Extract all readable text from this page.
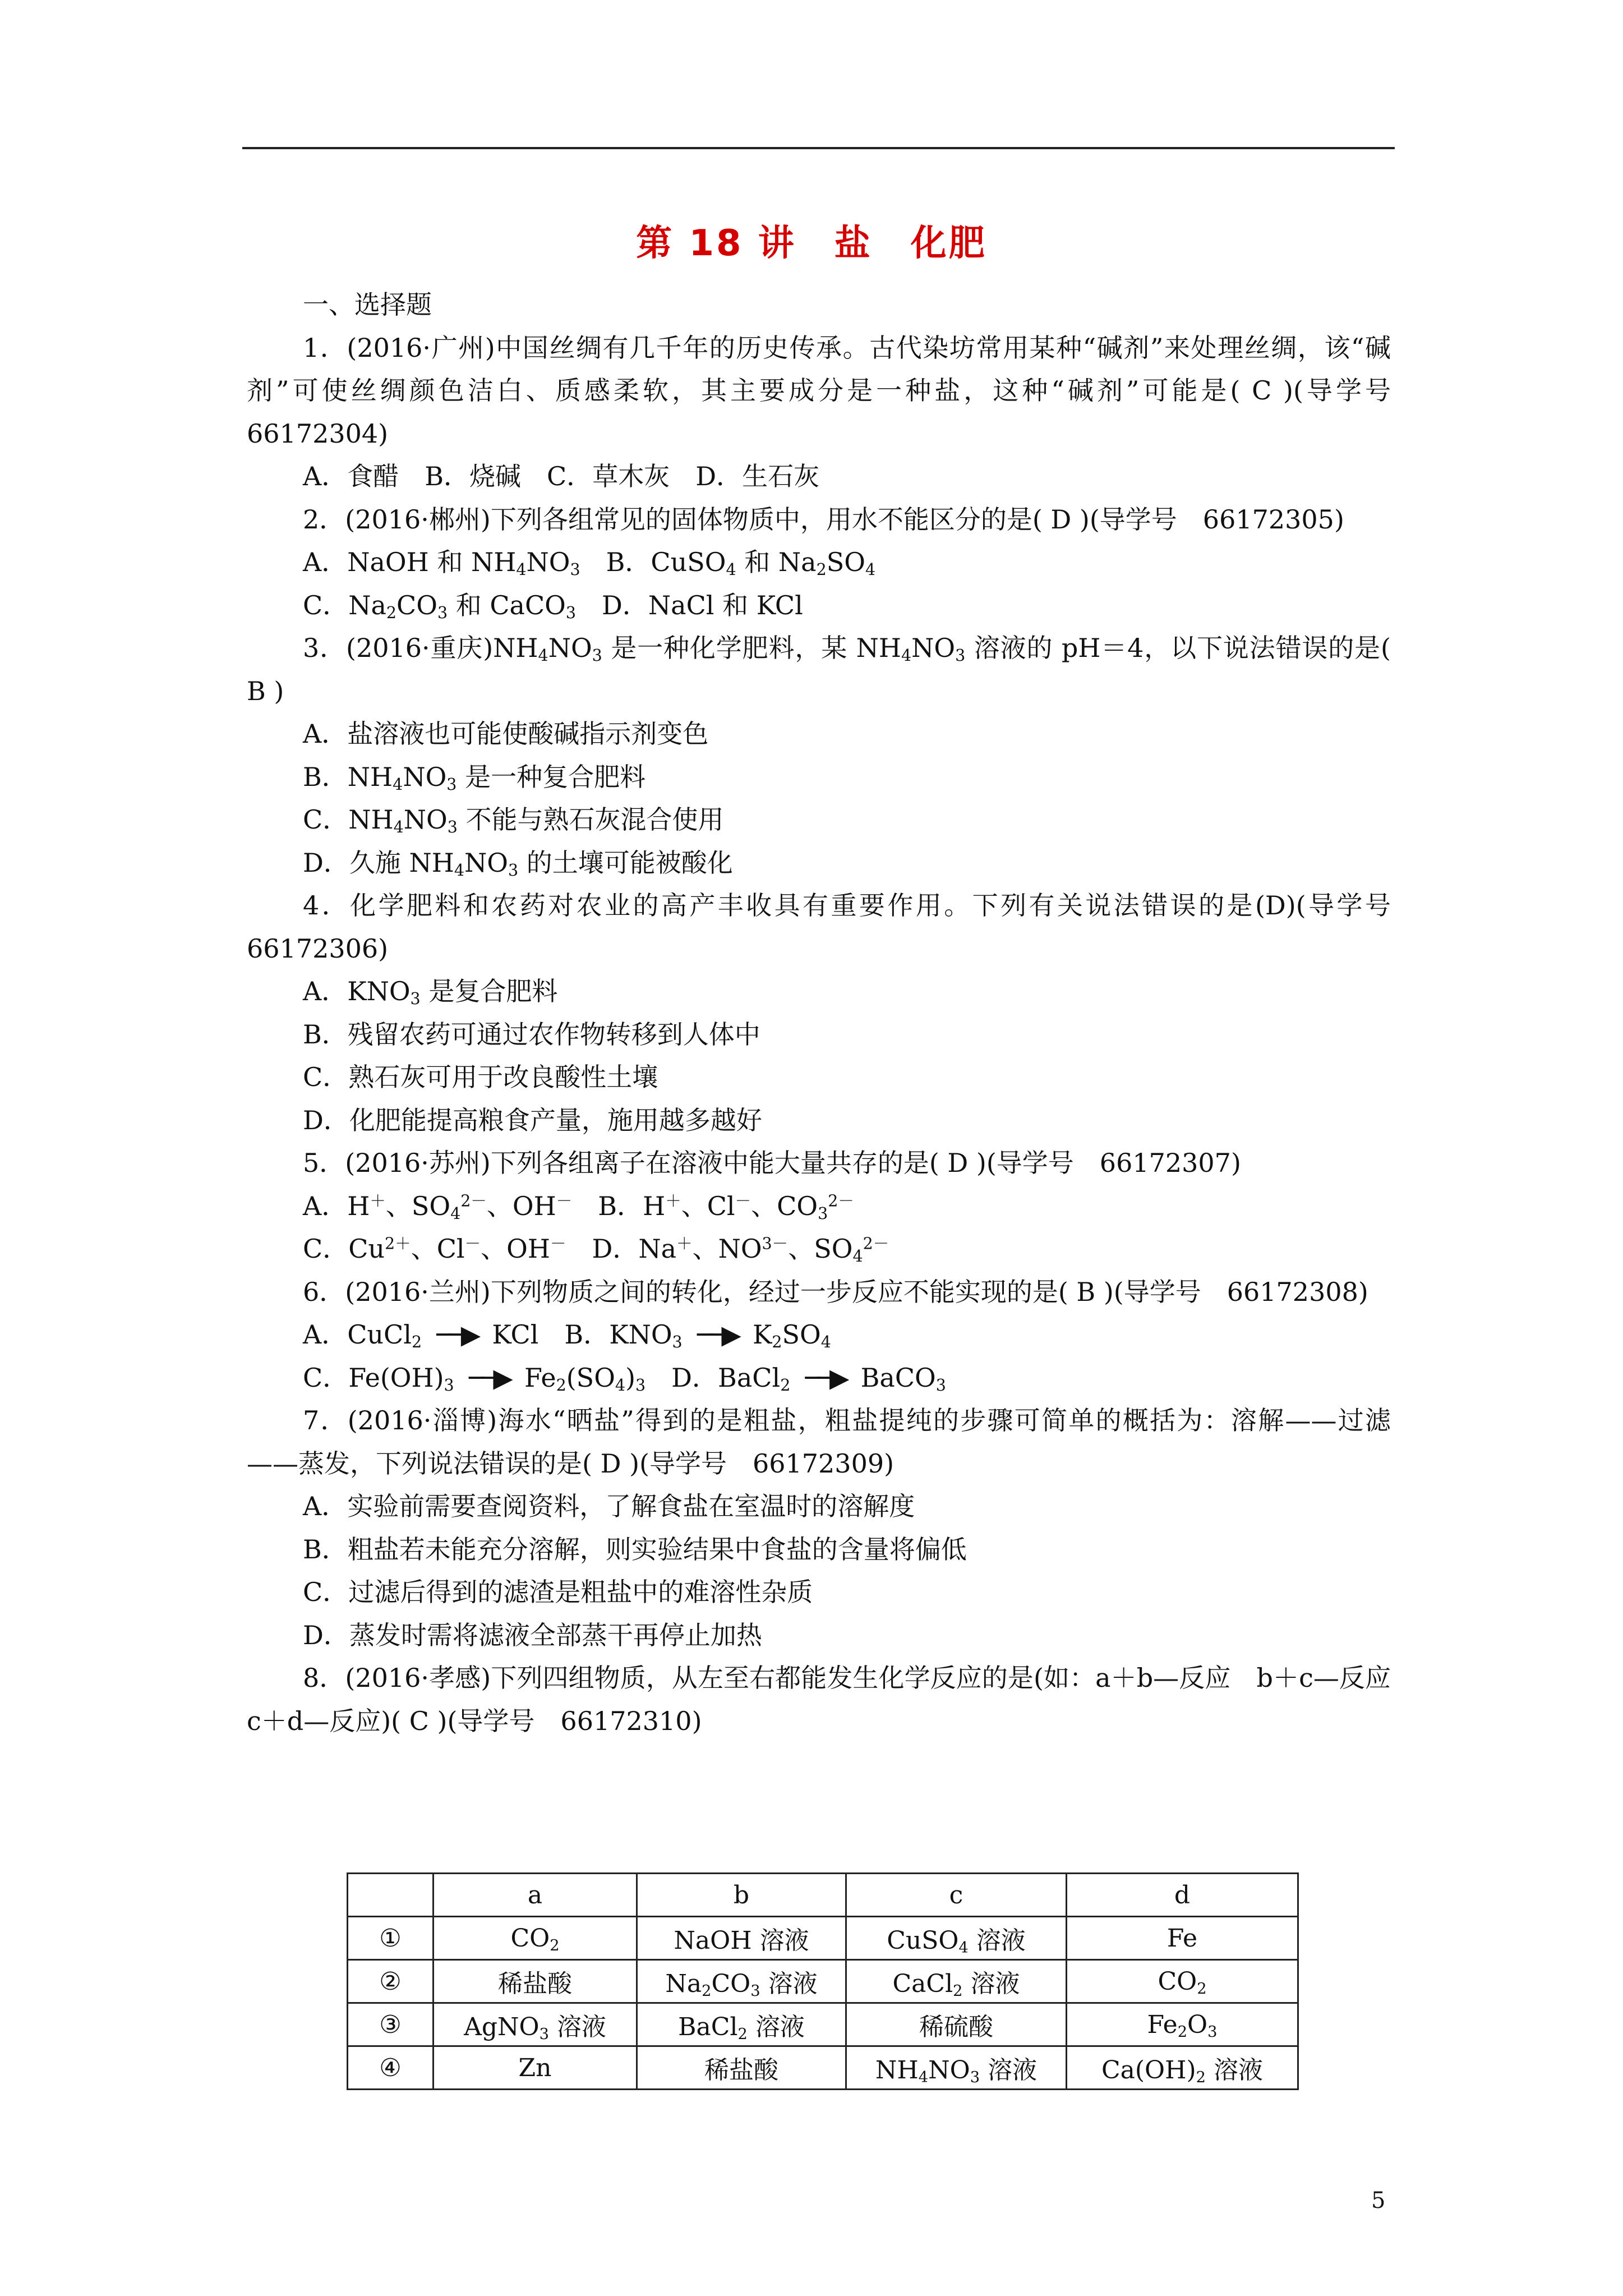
第 18 讲　盐　化肥
一、选择题

1．(2016·广州)中国丝绸有几千年的历史传承。古代染坊常用某种“碱剂”来处理丝绸，该“碱剂”可使丝绸颜色洁白、质感柔软，其主要成分是一种盐，这种“碱剂”可能是( C )(导学号　66172304)

A．食醋 B．烧碱 C．草木灰 D．生石灰

2．(2016·郴州)下列各组常见的固体物质中，用水不能区分的是( D )(导学号　66172305)

A．NaOH 和 $NH_4NO_3$ B．CuSO$_4$ 和 $Na_2SO_4$
C．$Na_2CO_3$ 和 CaCO$_3$ D．NaCl 和 KCl

3．(2016·重庆)$NH_4NO_3$ 是一种化学肥料，某 $NH_4NO_3$ 溶液的 pH＝4，以下说法错误的是( B )

A．盐溶液也可能使酸碱指示剂变色
B．$NH_4NO_3$ 是一种复合肥料
C．$NH_4NO_3$ 不能与熟石灰混合使用
D．久施 $NH_4NO_3$ 的土壤可能被酸化

4．化学肥料和农药对农业的高产丰收具有重要作用。下列有关说法错误的是(D)(导学号　66172306)

A．$KNO_3$ 是复合肥料
B．残留农药可通过农作物转移到人体中
C．熟石灰可用于改良酸性土壤
D．化肥能提高粮食产量，施用越多越好

5．(2016·苏州)下列各组离子在溶液中能大量共存的是( D )(导学号　66172307)

A．H＋、$SO_4^{2-}$、OH－ B．H＋、Cl－、$CO_3^{2-}$
C．$Cu^{2+}$、Cl－、OH－ D．Na＋、$NO^{3-}$、$SO_4^{2-}$

6．(2016·兰州)下列物质之间的转化，经过一步反应不能实现的是( B )(导学号　66172308)

A．CuCl$_2$ ──▶ KCl B．$KNO_3$ ──▶ $K_2SO_4$
C．$Fe(OH)_3$ ──▶ $Fe_2(SO_4)_3$ D．BaCl$_2$ ──▶ BaCO$_3$

7．(2016·淄博)海水“晒盐”得到的是粗盐，粗盐提纯的步骤可简单的概括为：溶解——过滤——蒸发，下列说法错误的是( D )(导学号　66172309)

A．实验前需要查阅资料，了解食盐在室温时的溶解度
B．粗盐若未能充分溶解，则实验结果中食盐的含量将偏低
C．过滤后得到的滤渣是粗盐中的难溶性杂质
D．蒸发时需将滤液全部蒸干再停止加热

8．(2016·孝感)下列四组物质，从左至右都能发生化学反应的是(如：a＋b—反应　b＋c—反应　c＋d—反应)( C )(导学号　66172310)

	a	b	c	d
①	$CO_2$	NaOH 溶液	CuSO$_4$ 溶液	Fe
②	稀盐酸	$Na_2CO_3$ 溶液	CaCl$_2$ 溶液	$CO_2$
③	AgNO$_3$ 溶液	BaCl$_2$ 溶液	稀硫酸	$Fe_2O_3$
④	Zn	稀盐酸	$NH_4NO_3$ 溶液	$Ca(OH)_2$ 溶液
5
